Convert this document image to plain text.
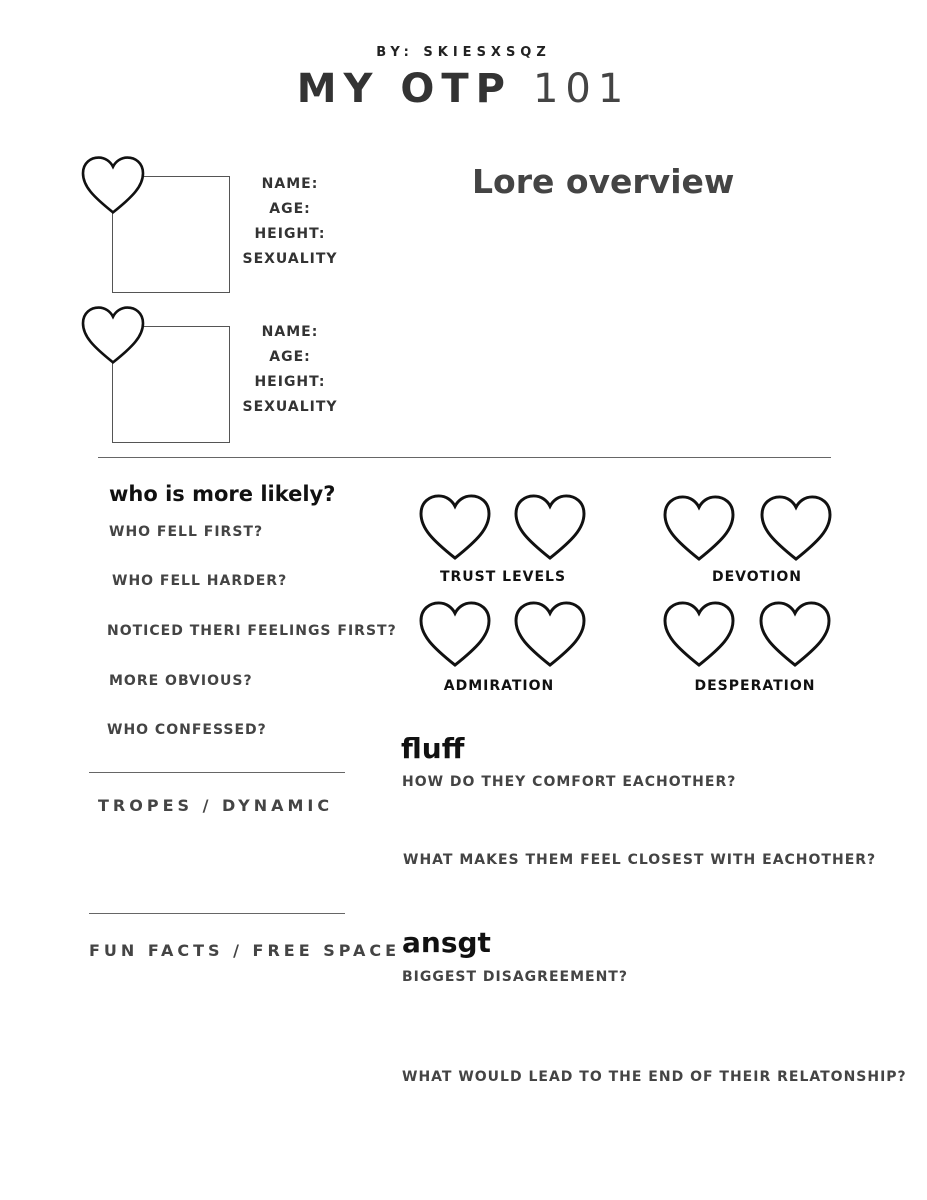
BY: SKIESXSQZ
MY OTP 101
NAME:
AGE:
HEIGHT:
SEXUALITY
NAME:
AGE:
HEIGHT:
SEXUALITY
Lore overview
who is more likely?
WHO FELL FIRST?
WHO FELL HARDER?
NOTICED THERI FEELINGS FIRST?
MORE OBVIOUS?
WHO CONFESSED?
TRUST LEVELS	DEVOTION
ADMIRATION	DESPERATION
TROPES / DYNAMIC
FUN FACTS / FREE SPACE
fluff
HOW DO THEY COMFORT EACHOTHER?
WHAT MAKES THEM FEEL CLOSEST WITH EACHOTHER?
ansgt
BIGGEST DISAGREEMENT?
WHAT WOULD LEAD TO THE END OF THEIR RELATONSHIP?
